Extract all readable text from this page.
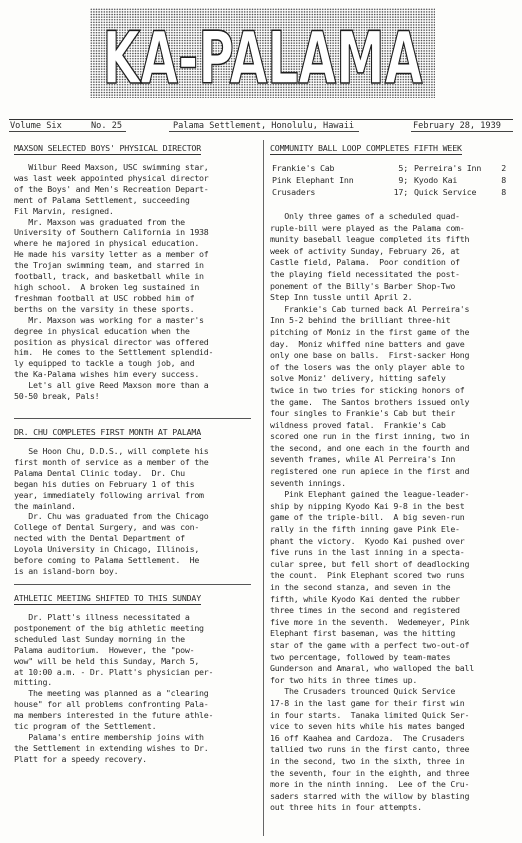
KA-PALAMA
Volume Six	No. 25	Palama Settlement, Honolulu, Hawaii	February 28, 1939
MAXSON SELECTED BOYS' PHYSICAL DIRECTOR
Wilbur Reed Maxson, USC swimming star,
was last week appointed physical director
of the Boys' and Men's Recreation Depart-
ment of Palama Settlement, succeeding
Fil Marvin, resigned.
Mr. Maxson was graduated from the
University of Southern California in 1938
where he majored in physical education.
He made his varsity letter as a member of
the Trojan swimming team, and starred in
football, track, and basketball while in
high school.  A broken leg sustained in
freshman football at USC robbed him of
berths on the varsity in these sports.
Mr. Maxson was working for a master's
degree in physical education when the
position as physical director was offered
him.  He comes to the Settlement splendid-
ly equipped to tackle a tough job, and
the Ka-Palama wishes him every success.
Let's all give Reed Maxson more than a
50-50 break, Pals!
DR. CHU COMPLETES FIRST MONTH AT PALAMA
Se Hoon Chu, D.D.S., will complete his
first month of service as a member of the
Palama Dental Clinic today.  Dr. Chu
began his duties on February 1 of this
year, immediately following arrival from
the mainland.
Dr. Chu was graduated from the Chicago
College of Dental Surgery, and was con-
nected with the Dental Department of
Loyola University in Chicago, Illinois,
before coming to Palama Settlement.  He
is an island-born boy.
ATHLETIC MEETING SHIFTED TO THIS SUNDAY
Dr. Platt's illness necessitated a
postponement of the big athletic meeting
scheduled last Sunday morning in the
Palama auditorium.  However, the "pow-
wow" will be held this Sunday, March 5,
at 10:00 a.m. - Dr. Platt's physician per-
mitting.
The meeting was planned as a "clearing
house" for all problems confronting Pala-
ma members interested in the future athle-
tic program of the Settlement.
Palama's entire membership joins with
the Settlement in extending wishes to Dr.
Platt for a speedy recovery.
COMMUNITY BALL LOOP COMPLETES FIFTH WEEK
Frankie's Cab	5; Perreira's Inn	2
Pink Elephant Inn	9; Kyodo Kai	8
Crusaders	17; Quick Service	8
Only three games of a scheduled quad-
ruple-bill were played as the Palama com-
munity baseball league completed its fifth
week of activity Sunday, February 26, at
Castle field, Palama.  Poor condition of
the playing field necessitated the post-
ponement of the Billy's Barber Shop-Two
Step Inn tussle until April 2.
Frankie's Cab turned back Al Perreira's
Inn 5-2 behind the brilliant three-hit
pitching of Moniz in the first game of the
day.  Moniz whiffed nine batters and gave
only one base on balls.  First-sacker Hong
of the losers was the only player able to
solve Moniz' delivery, hitting safely
twice in two tries for sticking honors of
the game.  The Santos brothers issued only
four singles to Frankie's Cab but their
wildness proved fatal.  Frankie's Cab
scored one run in the first inning, two in
the second, and one each in the fourth and
seventh frames, while Al Perreira's Inn
registered one run apiece in the first and
seventh innings.
Pink Elephant gained the league-leader-
ship by nipping Kyodo Kai 9-8 in the best
game of the triple-bill.  A big seven-run
rally in the fifth inning gave Pink Ele-
phant the victory.  Kyodo Kai pushed over
five runs in the last inning in a specta-
cular spree, but fell short of deadlocking
the count.  Pink Elephant scored two runs
in the second stanza, and seven in the
fifth, while Kyodo Kai dented the rubber
three times in the second and registered
five more in the seventh.  Wedemeyer, Pink
Elephant first baseman, was the hitting
star of the game with a perfect two-out-of
two percentage, followed by team-mates
Gunderson and Amaral, who walloped the ball
for two hits in three times up.
The Crusaders trounced Quick Service
17-8 in the last game for their first win
in four starts.  Tanaka limited Quick Ser-
vice to seven hits while his mates banged
16 off Kaahea and Cardoza.  The Crusaders
tallied two runs in the first canto, three
in the second, two in the sixth, three in
the seventh, four in the eighth, and three
more in the ninth inning.  Lee of the Cru-
saders starred with the willow by blasting
out three hits in four attempts.
